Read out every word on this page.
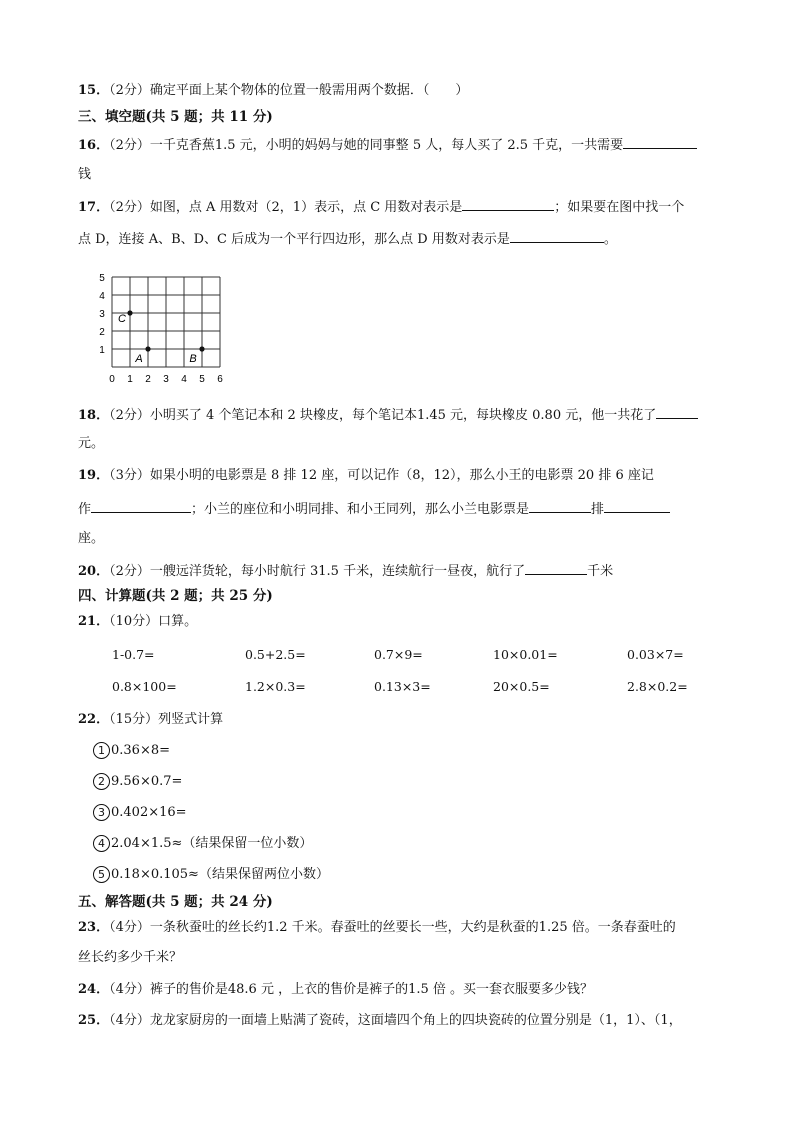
15．（2分）确定平面上某个物体的位置一般需用两个数据．（　　）
三、填空题(共 5 题；共 11 分)
16．（2分）一千克香蕉1.5 元，小明的妈妈与她的同事整 5 人，每人买了 2.5 千克，一共需要
钱
17．（2分）如图，点 A 用数对（2，1）表示，点 C 用数对表示是	；如果要在图中找一个
点 D，连接 A、B、D、C 后成为一个平行四边形，那么点 D 用数对表示是	。
5
4
3
2
1
0 1 2 3 4 5 6
C
A	B
18．（2分）小明买了 4 个笔记本和 2 块橡皮，每个笔记本1.45 元，每块橡皮 0.80 元，他一共花了
元。
19．（3分）如果小明的电影票是 8 排 12 座，可以记作（8，12），那么小王的电影票 20 排 6 座记
作	；小兰的座位和小明同排、和小王同列，那么小兰电影票是	排
座。
20．（2分）一艘远洋货轮，每小时航行 31.5 千米，连续航行一昼夜，航行了	千米
四、计算题(共 2 题；共 25 分)
21．（10分）口算。
1-0.7=	0.5+2.5=	0.7×9=	10×0.01=	0.03×7=
0.8×100=	1.2×0.3=	0.13×3=	20×0.5=	2.8×0.2=
22．（15分）列竖式计算
1 0.36×8=
2 9.56×0.7=
3 0.402×16=
4 2.04×1.5≈（结果保留一位小数）
5 0.18×0.105≈（结果保留两位小数）
五、解答题(共 5 题；共 24 分)
23．（4分）一条秋蚕吐的丝长约1.2 千米。春蚕吐的丝要长一些，大约是秋蚕的1.25 倍。一条春蚕吐的
丝长约多少千米？
24．（4分）裤子的售价是48.6 元 ，上衣的售价是裤子的1.5 倍 。买一套衣服要多少钱？
25．（4分）龙龙家厨房的一面墙上贴满了瓷砖，这面墙四个角上的四块瓷砖的位置分别是（1，1）、（1，
